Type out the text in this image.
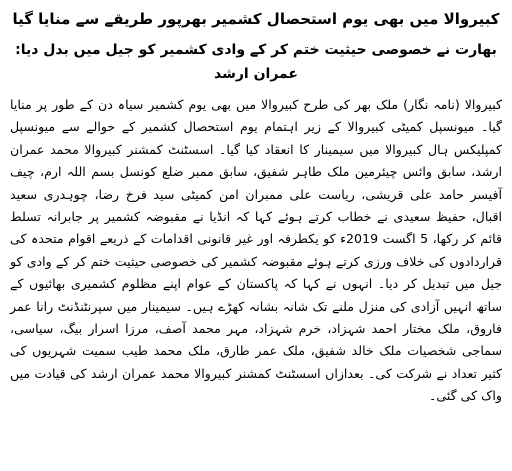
کبیروالا میں بھی یوم استحصال کشمیر بھرپور طریقے سے منایا گیا
بھارت نے خصوصی حیثیت ختم کر کے وادی کشمیر کو جیل میں بدل دیا: عمران ارشد

کبیروالا (نامہ نگار) ملک بھر کی طرح کبیروالا میں بھی یوم کشمیر سیاہ دن کے طور پر منایا گیا۔ میونسپل کمیٹی کبیروالا کے زیر اہتمام یوم استحصال کشمیر کے حوالے سے میونسپل کمپلیکس ہال کبیروالا میں سیمینار کا انعقاد کیا گیا۔ اسسٹنٹ کمشنر کبیروالا محمد عمران ارشد، سابق وائس چیئرمین ملک طاہر شفیق، سابق ممبر ضلع کونسل بسم اللہ ارم، چیف آفیسر حامد علی قریشی، ریاست علی ممبران امن کمیٹی سید فرخ رضا، چوہدری سعید اقبال، حفیظ سعیدی نے خطاب کرتے ہوئے کہا کہ انڈیا نے مقبوضہ کشمیر پر جابرانہ تسلط قائم کر رکھا، 5 اگست 2019ء کو یکطرفہ اور غیر قانونی اقدامات کے ذریعے اقوام متحدہ کی قراردادوں کی خلاف ورزی کرتے ہوئے مقبوضہ کشمیر کی خصوصی حیثیت ختم کر کے وادی کو جیل میں تبدیل کر دیا۔ انہوں نے کہا کہ پاکستان کے عوام اپنے مظلوم کشمیری بھائیوں کے ساتھ انہیں آزادی کی منزل ملنے تک شانہ بشانہ کھڑے ہیں۔ سیمینار میں سپرنٹنڈنٹ رانا عمر فاروق، ملک مختار احمد شہزاد، خرم شہزاد، مہر محمد آصف، مرزا اسرار بیگ، سیاسی، سماجی شخصیات ملک خالد شفیق، ملک عمر طارق، ملک محمد طیب سمیت شہریوں کی کثیر تعداد نے شرکت کی۔ بعدازاں اسسٹنٹ کمشنر کبیروالا محمد عمران ارشد کی قیادت میں واک کی گئی۔
